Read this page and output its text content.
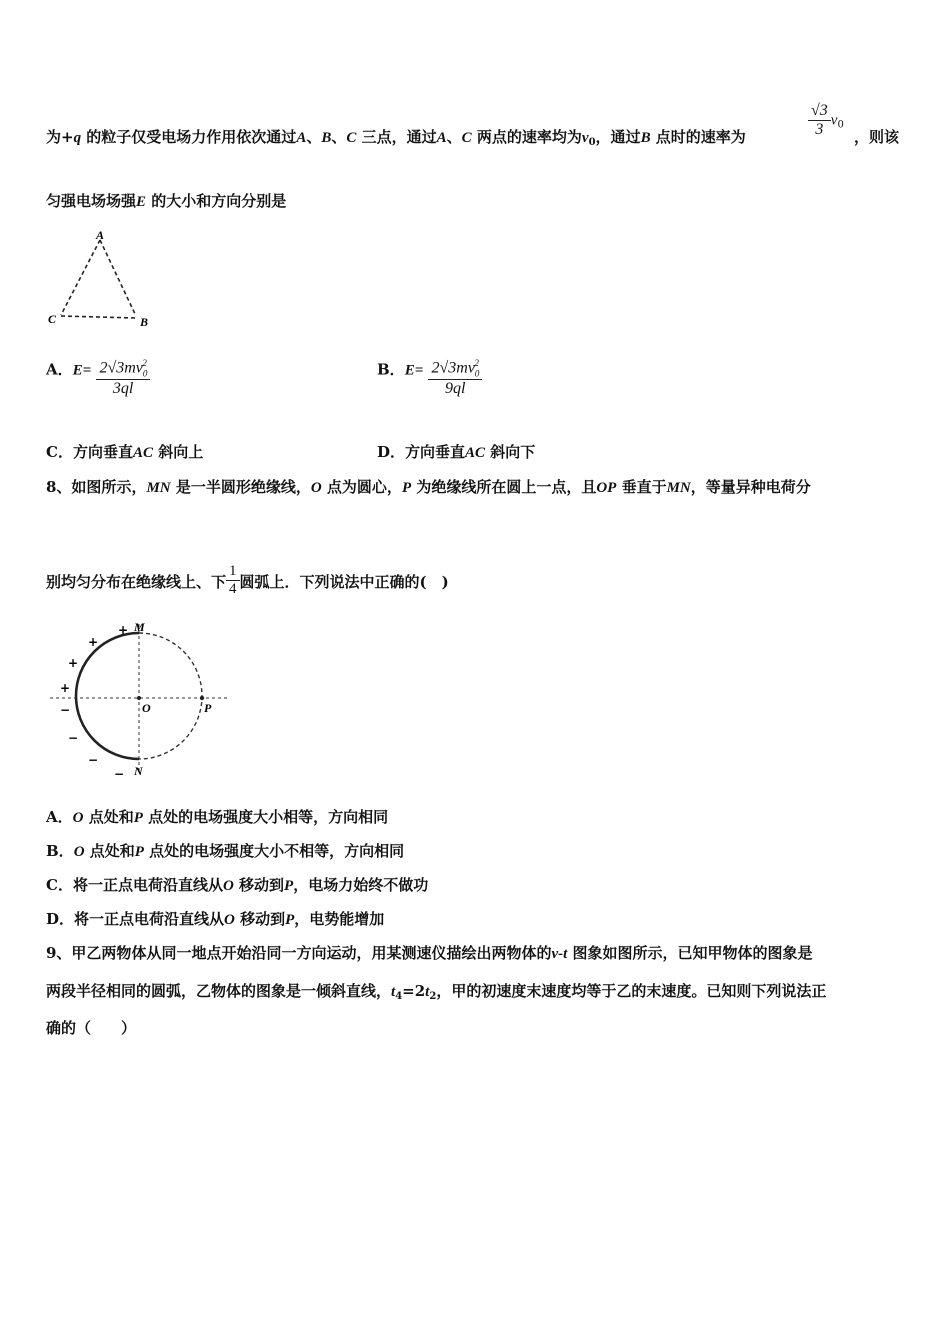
为+q 的粒子仅受电场力作用依次通过A、B、C 三点，通过A、C 两点的速率均为$v_0$，通过B 点时的速率为	$\frac{√3}{3} v_0$
，则该
匀强电场场强E 的大小和方向分别是
A
B
C
A．$E= \frac{2√3mv_0^2}{3ql}$	B．$E= \frac{2√3mv_0^2}{9ql}$
C．方向垂直AC 斜向上	D．方向垂直AC 斜向下
8、如图所示，MN 是一半圆形绝缘线，O 点为圆心，P 为绝缘线所在圆上一点，且OP 垂直于MN，等量异种电荷分
别均匀分布在绝缘线上、下 $\frac{1}{4}$ 圆弧上．下列说法中正确的(　)
M
N
O	P
+
+
+
+
−
−
−
−
A．O 点处和P 点处的电场强度大小相等，方向相同
B．O 点处和P 点处的电场强度大小不相等，方向相同
C．将一正点电荷沿直线从O 移动到P，电场力始终不做功
D．将一正点电荷沿直线从O 移动到P，电势能增加
9、甲乙两物体从同一地点开始沿同一方向运动，用某测速仪描绘出两物体的v-t 图象如图所示，已知甲物体的图象是
两段半径相同的圆弧，乙物体的图象是一倾斜直线，$t_4=2t_2$，甲的初速度末速度均等于乙的末速度。已知则下列说法正
确的（　　）
